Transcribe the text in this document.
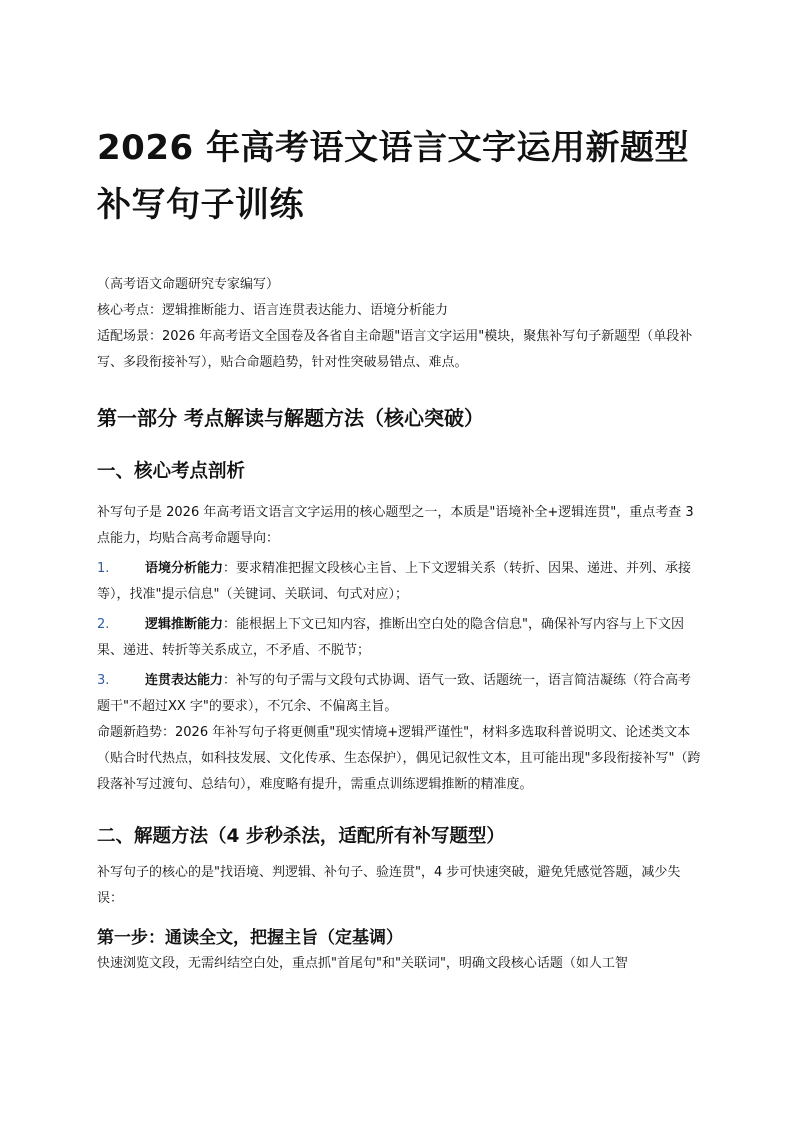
2026 年高考语文语言文字运用新题型补写句子训练

（高考语文命题研究专家编写）

核心考点：逻辑推断能力、语言连贯表达能力、语境分析能力

适配场景：2026 年高考语文全国卷及各省自主命题"语言文字运用"模块，聚焦补写句子新题型（单段补写、多段衔接补写），贴合命题趋势，针对性突破易错点、难点。

第一部分 考点解读与解题方法（核心突破）
一、核心考点剖析

补写句子是 2026 年高考语文语言文字运用的核心题型之一，本质是"语境补全+逻辑连贯"，重点考查 3 点能力，均贴合高考命题导向：

1.	语境分析能力：要求精准把握文段核心主旨、上下文逻辑关系（转折、因果、递进、并列、承接等），找准"提示信息"（关键词、关联词、句式对应）；

2.	逻辑推断能力：能根据上下文已知内容，推断出空白处的隐含信息"，确保补写内容与上下文因果、递进、转折等关系成立，不矛盾、不脱节；

3.	连贯表达能力：补写的句子需与文段句式协调、语气一致、话题统一，语言简洁凝练（符合高考题干"不超过XX 字"的要求），不冗余、不偏离主旨。

命题新趋势：2026 年补写句子将更侧重"现实情境+逻辑严谨性"，材料多选取科普说明文、论述类文本（贴合时代热点，如科技发展、文化传承、生态保护），偶见记叙性文本，且可能出现"多段衔接补写"（跨段落补写过渡句、总结句），难度略有提升，需重点训练逻辑推断的精准度。

二、解题方法（4 步秒杀法，适配所有补写题型）

补写句子的核心的是"找语境、判逻辑、补句子、验连贯"，4 步可快速突破，避免凭感觉答题，减少失误：

第一步：通读全文，把握主旨（定基调）

快速浏览文段，无需纠结空白处，重点抓"首尾句"和"关联词"，明确文段核心话题（如人工智
